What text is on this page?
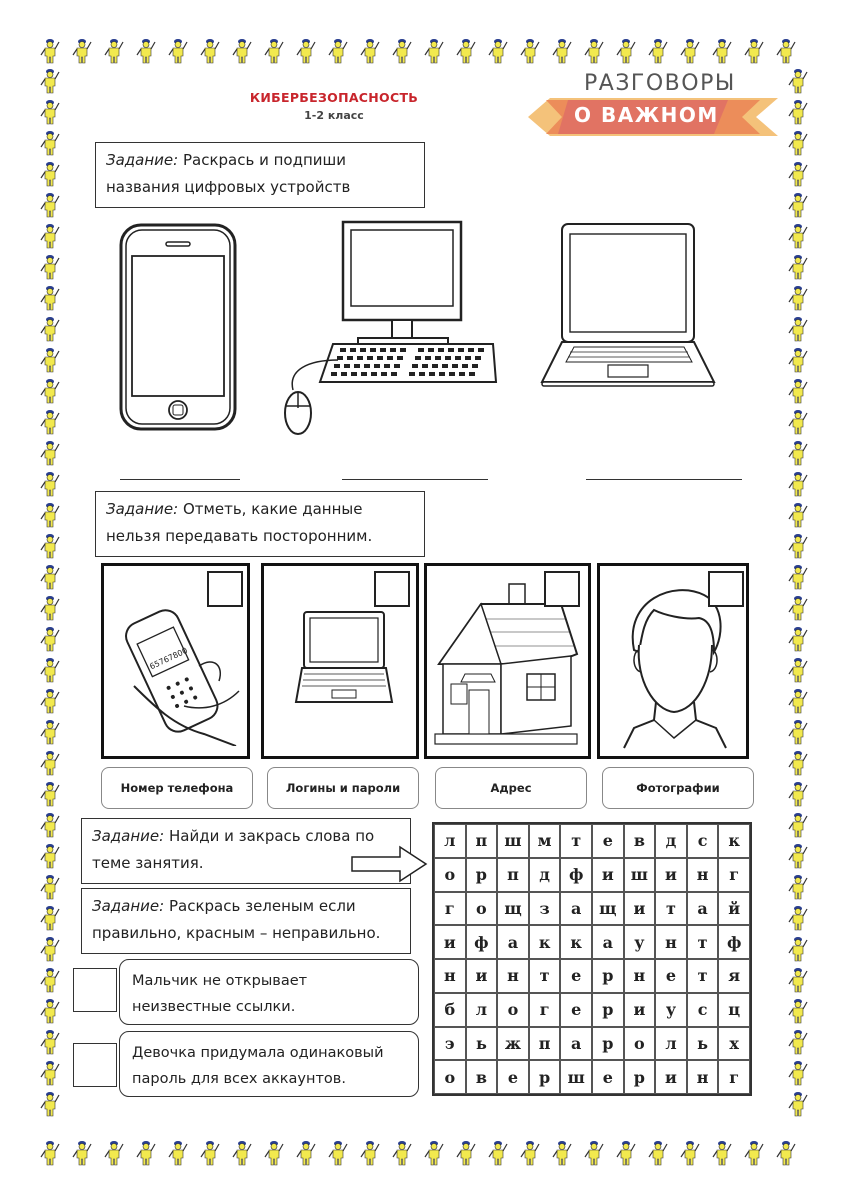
КИБЕРБЕЗОПАСНОСТЬ
1-2 класс
РАЗГОВОРЫ
О ВАЖНОМ
Задание: Раскрась и подпиши названия цифровых устройств
Задание: Отметь, какие данные нельзя передавать посторонним.
65767800
Номер телефона	Логины и пароли	Адрес	Фотографии
Задание: Найди и закрась слова по теме занятия.
Задание: Раскрась зеленым если правильно, красным – неправильно.
Мальчик не открывает неизвестные ссылки.
Девочка придумала одинаковый пароль для всех аккаунтов.
л	п	ш	м	т	е	в	д	с	к
о	р	п	д	ф	и	ш	и	н	г
г	о	щ	з	а	щ	и	т	а	й
и	ф	а	к	к	а	у	н	т	ф
н	и	н	т	е	р	н	е	т	я
б	л	о	г	е	р	и	у	с	ц
э	ь	ж	п	а	р	о	л	ь	х
о	в	е	р	ш	е	р	и	н	г
